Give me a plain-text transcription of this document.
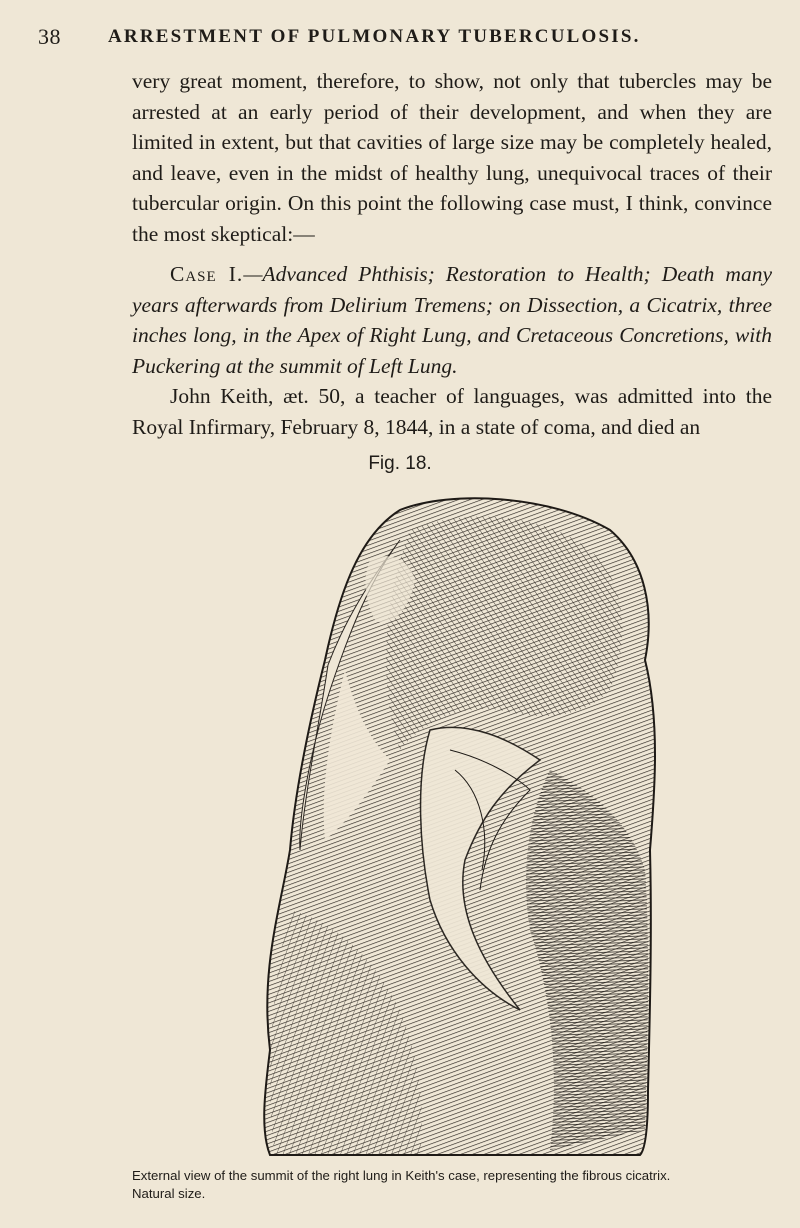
38 ARRESTMENT OF PULMONARY TUBERCULOSIS.
very great moment, therefore, to show, not only that tubercles may be arrested at an early period of their development, and when they are limited in extent, but that cavities of large size may be completely healed, and leave, even in the midst of healthy lung, unequivocal traces of their tubercular origin. On this point the following case must, I think, convince the most skeptical:—
Case I.—Advanced Phthisis; Restoration to Health; Death many years afterwards from Delirium Tremens; on Dissection, a Cicatrix, three inches long, in the Apex of Right Lung, and Cretaceous Concretions, with Puckering at the summit of Left Lung.
John Keith, æt. 50, a teacher of languages, was admitted into the Royal Infirmary, February 8, 1844, in a state of coma, and died an
Fig. 18.
External view of the summit of the right lung in Keith's case, representing the fibrous cicatrix.
Natural size.
